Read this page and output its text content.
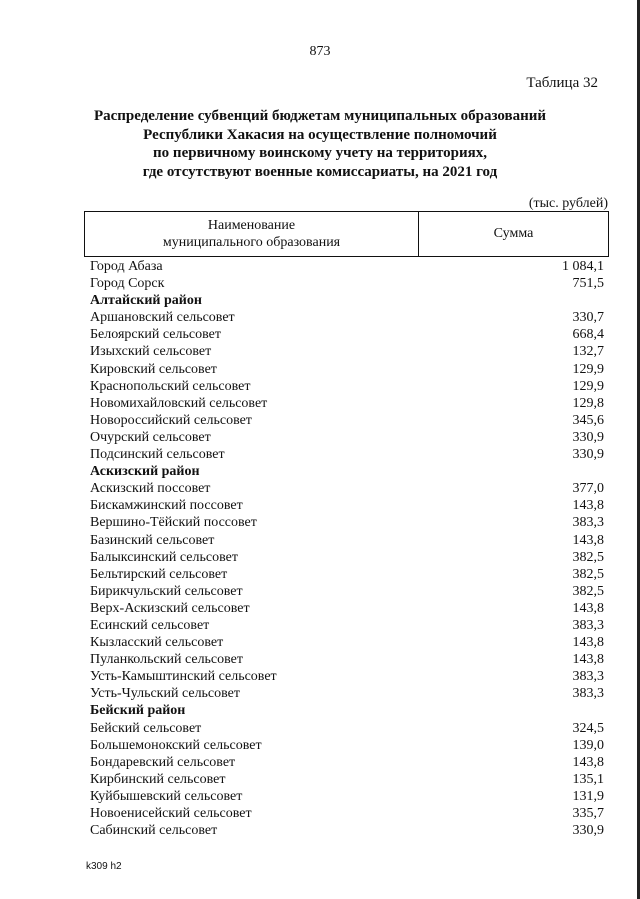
873
Таблица 32
Распределение субвенций бюджетам муниципальных образований
Республики Хакасия на осуществление полномочий
по первичному воинскому учету на территориях,
где отсутствуют военные комиссариаты, на 2021 год
(тыс. рублей)
Наименование
муниципального образования
Сумма
Город Абаза	1 084,1
Город Сорск	751,5
Алтайский район
Аршановский сельсовет	330,7
Белоярский сельсовет	668,4
Изыхский сельсовет	132,7
Кировский сельсовет	129,9
Краснопольский сельсовет	129,9
Новомихайловский сельсовет	129,8
Новороссийский сельсовет	345,6
Очурский сельсовет	330,9
Подсинский сельсовет	330,9
Аскизский район
Аскизский поссовет	377,0
Бискамжинский поссовет	143,8
Вершино-Тёйский поссовет	383,3
Базинский сельсовет	143,8
Балыксинский сельсовет	382,5
Бельтирский сельсовет	382,5
Бирикчульский сельсовет	382,5
Верх-Аскизский сельсовет	143,8
Есинский сельсовет	383,3
Кызласский сельсовет	143,8
Пуланкольский сельсовет	143,8
Усть-Камыштинский сельсовет	383,3
Усть-Чульский сельсовет	383,3
Бейский район
Бейский сельсовет	324,5
Большемонокский сельсовет	139,0
Бондаревский сельсовет	143,8
Кирбинский сельсовет	135,1
Куйбышевский сельсовет	131,9
Новоенисейский сельсовет	335,7
Сабинский сельсовет	330,9
k309 h2
